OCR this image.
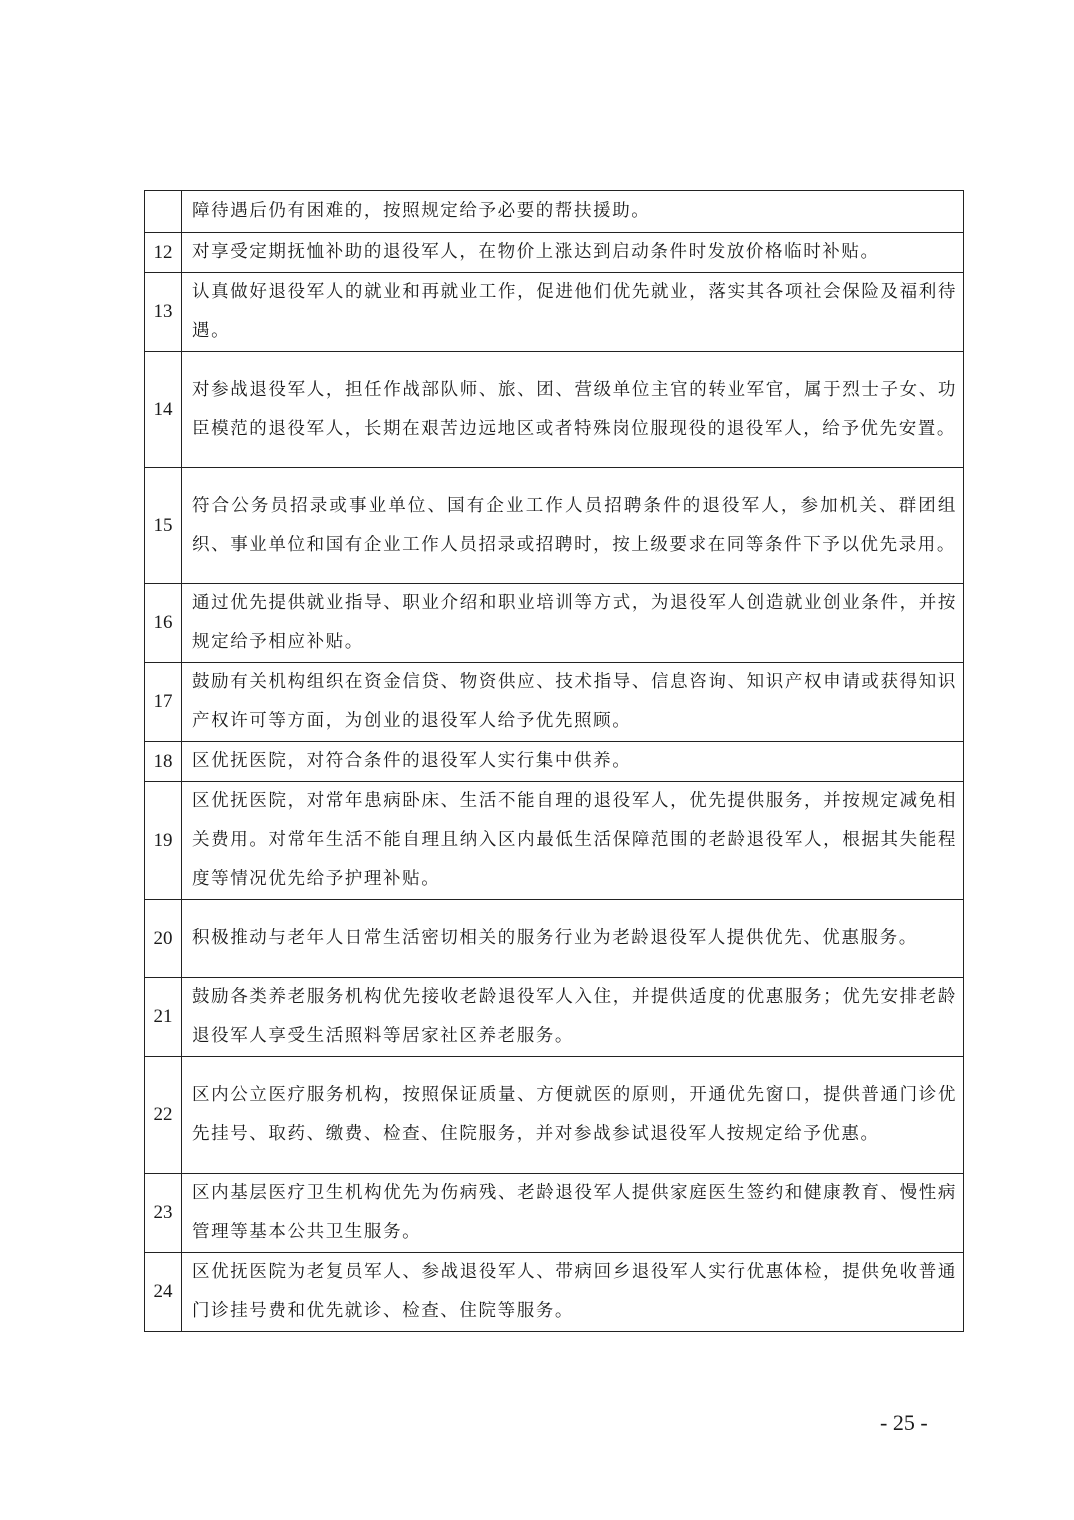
	障待遇后仍有困难的，按照规定给予必要的帮扶援助。
12	对享受定期抚恤补助的退役军人，在物价上涨达到启动条件时发放价格临时补贴。
13	认真做好退役军人的就业和再就业工作，促进他们优先就业，落实其各项社会保险及福利待遇。
14	对参战退役军人，担任作战部队师、旅、团、营级单位主官的转业军官，属于烈士子女、功臣模范的退役军人，长期在艰苦边远地区或者特殊岗位服现役的退役军人，给予优先安置。
15	符合公务员招录或事业单位、国有企业工作人员招聘条件的退役军人，参加机关、群团组织、事业单位和国有企业工作人员招录或招聘时，按上级要求在同等条件下予以优先录用。
16	通过优先提供就业指导、职业介绍和职业培训等方式，为退役军人创造就业创业条件，并按规定给予相应补贴。
17	鼓励有关机构组织在资金信贷、物资供应、技术指导、信息咨询、知识产权申请或获得知识产权许可等方面，为创业的退役军人给予优先照顾。
18	区优抚医院，对符合条件的退役军人实行集中供养。
19	区优抚医院，对常年患病卧床、生活不能自理的退役军人，优先提供服务，并按规定减免相关费用。对常年生活不能自理且纳入区内最低生活保障范围的老龄退役军人，根据其失能程度等情况优先给予护理补贴。
20	积极推动与老年人日常生活密切相关的服务行业为老龄退役军人提供优先、优惠服务。
21	鼓励各类养老服务机构优先接收老龄退役军人入住，并提供适度的优惠服务；优先安排老龄退役军人享受生活照料等居家社区养老服务。
22	区内公立医疗服务机构，按照保证质量、方便就医的原则，开通优先窗口，提供普通门诊优先挂号、取药、缴费、检查、住院服务，并对参战参试退役军人按规定给予优惠。
23	区内基层医疗卫生机构优先为伤病残、老龄退役军人提供家庭医生签约和健康教育、慢性病管理等基本公共卫生服务。
24	区优抚医院为老复员军人、参战退役军人、带病回乡退役军人实行优惠体检，提供免收普通门诊挂号费和优先就诊、检查、住院等服务。
- 25 -
